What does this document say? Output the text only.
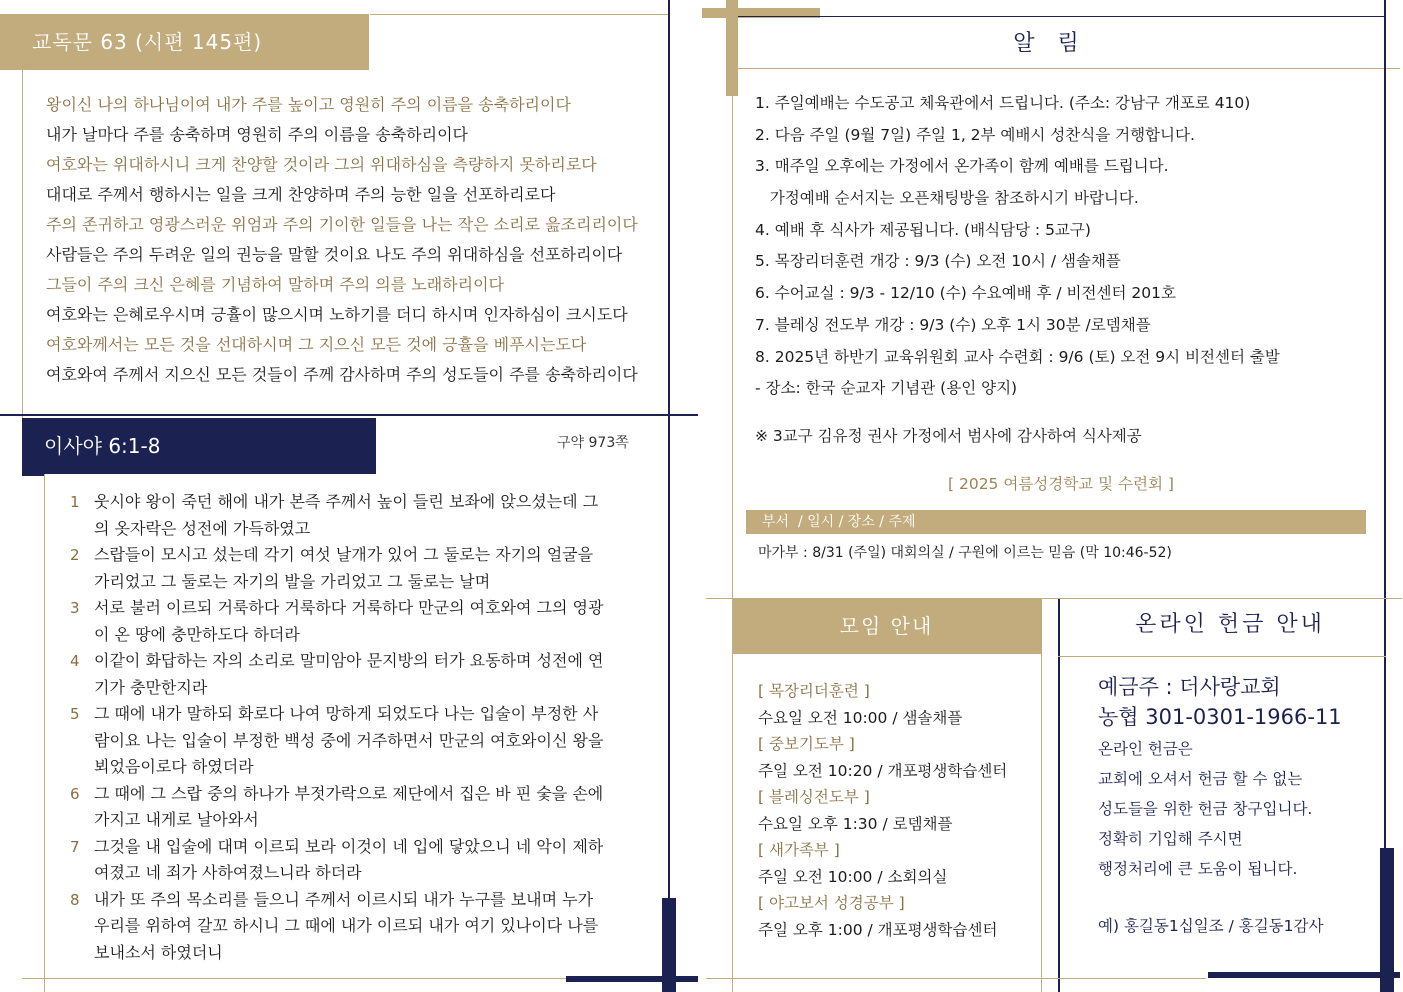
교독문 63 (시편 145편)
왕이신 나의 하나님이여 내가 주를 높이고 영원히 주의 이름을 송축하리이다
내가 날마다 주를 송축하며 영원히 주의 이름을 송축하리이다
여호와는 위대하시니 크게 찬양할 것이라 그의 위대하심을 측량하지 못하리로다
대대로 주께서 행하시는 일을 크게 찬양하며 주의 능한 일을 선포하리로다
주의 존귀하고 영광스러운 위엄과 주의 기이한 일들을 나는 작은 소리로 읊조리리이다
사람들은 주의 두려운 일의 권능을 말할 것이요 나도 주의 위대하심을 선포하리이다
그들이 주의 크신 은혜를 기념하여 말하며 주의 의를 노래하리이다
여호와는 은혜로우시며 긍휼이 많으시며 노하기를 더디 하시며 인자하심이 크시도다
여호와께서는 모든 것을 선대하시며 그 지으신 모든 것에 긍휼을 베푸시는도다
여호와여 주께서 지으신 모든 것들이 주께 감사하며 주의 성도들이 주를 송축하리이다
이사야 6:1-8	구약 973쪽
1 웃시야 왕이 죽던 해에 내가 본즉 주께서 높이 들린 보좌에 앉으셨는데 그
의 옷자락은 성전에 가득하였고
2 스랍들이 모시고 섰는데 각기 여섯 날개가 있어 그 둘로는 자기의 얼굴을
가리었고 그 둘로는 자기의 발을 가리었고 그 둘로는 날며
3 서로 불러 이르되 거룩하다 거룩하다 거룩하다 만군의 여호와여 그의 영광
이 온 땅에 충만하도다 하더라
4 이같이 화답하는 자의 소리로 말미암아 문지방의 터가 요동하며 성전에 연
기가 충만한지라
5 그 때에 내가 말하되 화로다 나여 망하게 되었도다 나는 입술이 부정한 사
람이요 나는 입술이 부정한 백성 중에 거주하면서 만군의 여호와이신 왕을
뵈었음이로다 하였더라
6 그 때에 그 스랍 중의 하나가 부젓가락으로 제단에서 집은 바 핀 숯을 손에
가지고 내게로 날아와서
7 그것을 내 입술에 대며 이르되 보라 이것이 네 입에 닿았으니 네 악이 제하
여졌고 네 죄가 사하여졌느니라 하더라
8 내가 또 주의 목소리를 들으니 주께서 이르시되 내가 누구를 보내며 누가
우리를 위하여 갈꼬 하시니 그 때에 내가 이르되 내가 여기 있나이다 나를
보내소서 하였더니
알 림
1. 주일예배는 수도공고 체육관에서 드립니다. (주소: 강남구 개포로 410)
2. 다음 주일 (9월 7일) 주일 1, 2부 예배시 성찬식을 거행합니다.
3. 매주일 오후에는 가정에서 온가족이 함께 예배를 드립니다.
가정예배 순서지는 오픈채팅방을 참조하시기 바랍니다.
4. 예배 후 식사가 제공됩니다. (배식담당 : 5교구)
5. 목장리더훈련 개강 : 9/3 (수) 오전 10시 / 샘솔채플
6. 수어교실 : 9/3 - 12/10 (수) 수요예배 후 / 비전센터 201호
7. 블레싱 전도부 개강 : 9/3 (수) 오후 1시 30분 /로뎀채플
8. 2025년 하반기 교육위원회 교사 수련회 : 9/6 (토) 오전 9시 비전센터 출발
- 장소: 한국 순교자 기념관 (용인 양지)
※ 3교구 김유정 권사 가정에서 범사에 감사하여 식사제공
[ 2025 여름성경학교 및 수련회 ]
부서  / 일시 / 장소 / 주제
마가부 : 8/31 (주일) 대회의실 / 구원에 이르는 믿음 (막 10:46-52)
모임 안내
[ 목장리더훈련 ]
수요일 오전 10:00 / 샘솔채플
[ 중보기도부 ]
주일 오전 10:20 / 개포평생학습센터
[ 블레싱전도부 ]
수요일 오후 1:30 / 로뎀채플
[ 새가족부 ]
주일 오전 10:00 / 소회의실
[ 야고보서 성경공부 ]
주일 오후 1:00 / 개포평생학습센터
온라인 헌금 안내
예금주 : 더사랑교회
농협 301-0301-1966-11
온라인 헌금은
교회에 오셔서 헌금 할 수 없는
성도들을 위한 헌금 창구입니다.
정확히 기입해 주시면
행정처리에 큰 도움이 됩니다.
예) 홍길동1십일조 / 홍길동1감사
